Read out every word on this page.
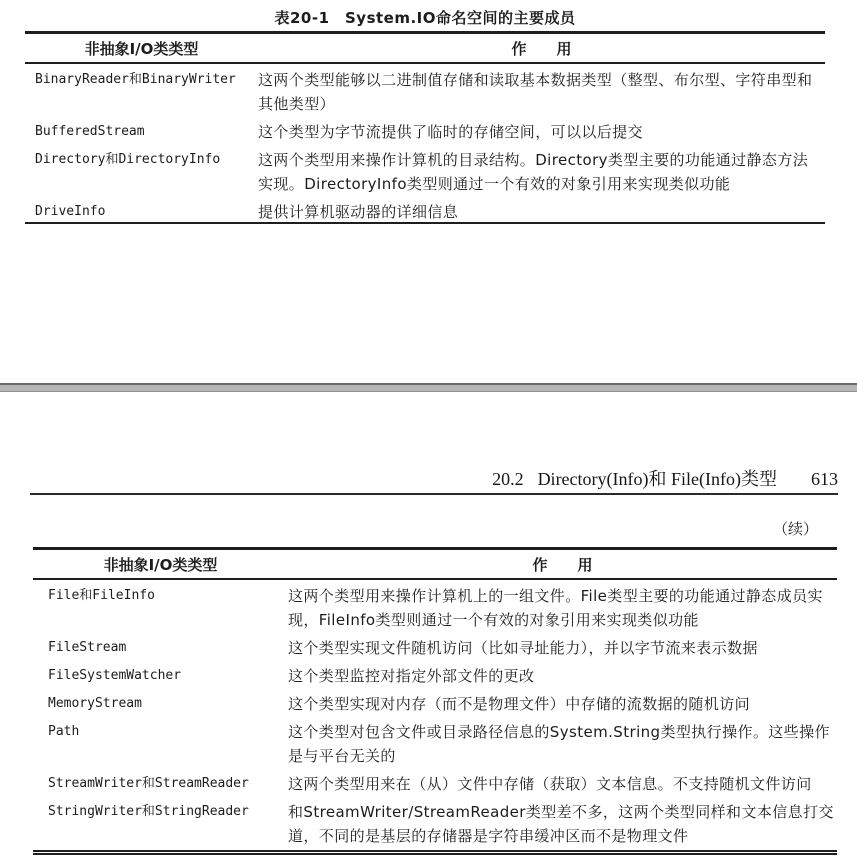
表20-1　System.IO命名空间的主要成员
非抽象I/O类类型	作　　用
BinaryReader和BinaryWriter	这两个类型能够以二进制值存储和读取基本数据类型（整型、布尔型、字符串型和其他类型）
BufferedStream	这个类型为字节流提供了临时的存储空间，可以以后提交
Directory和DirectoryInfo	这两个类型用来操作计算机的目录结构。Directory类型主要的功能通过静态方法实现。DirectoryInfo类型则通过一个有效的对象引用来实现类似功能
DriveInfo	提供计算机驱动器的详细信息
20.2 Directory(Info)和 File(Info)类型 613
（续）
非抽象I/O类类型	作　　用
File和FileInfo	这两个类型用来操作计算机上的一组文件。File类型主要的功能通过静态成员实现，FileInfo类型则通过一个有效的对象引用来实现类似功能
FileStream	这个类型实现文件随机访问（比如寻址能力），并以字节流来表示数据
FileSystemWatcher	这个类型监控对指定外部文件的更改
MemoryStream	这个类型实现对内存（而不是物理文件）中存储的流数据的随机访问
Path	这个类型对包含文件或目录路径信息的System.String类型执行操作。这些操作是与平台无关的
StreamWriter和StreamReader	这两个类型用来在（从）文件中存储（获取）文本信息。不支持随机文件访问
StringWriter和StringReader	和StreamWriter/StreamReader类型差不多，这两个类型同样和文本信息打交道，不同的是基层的存储器是字符串缓冲区而不是物理文件
